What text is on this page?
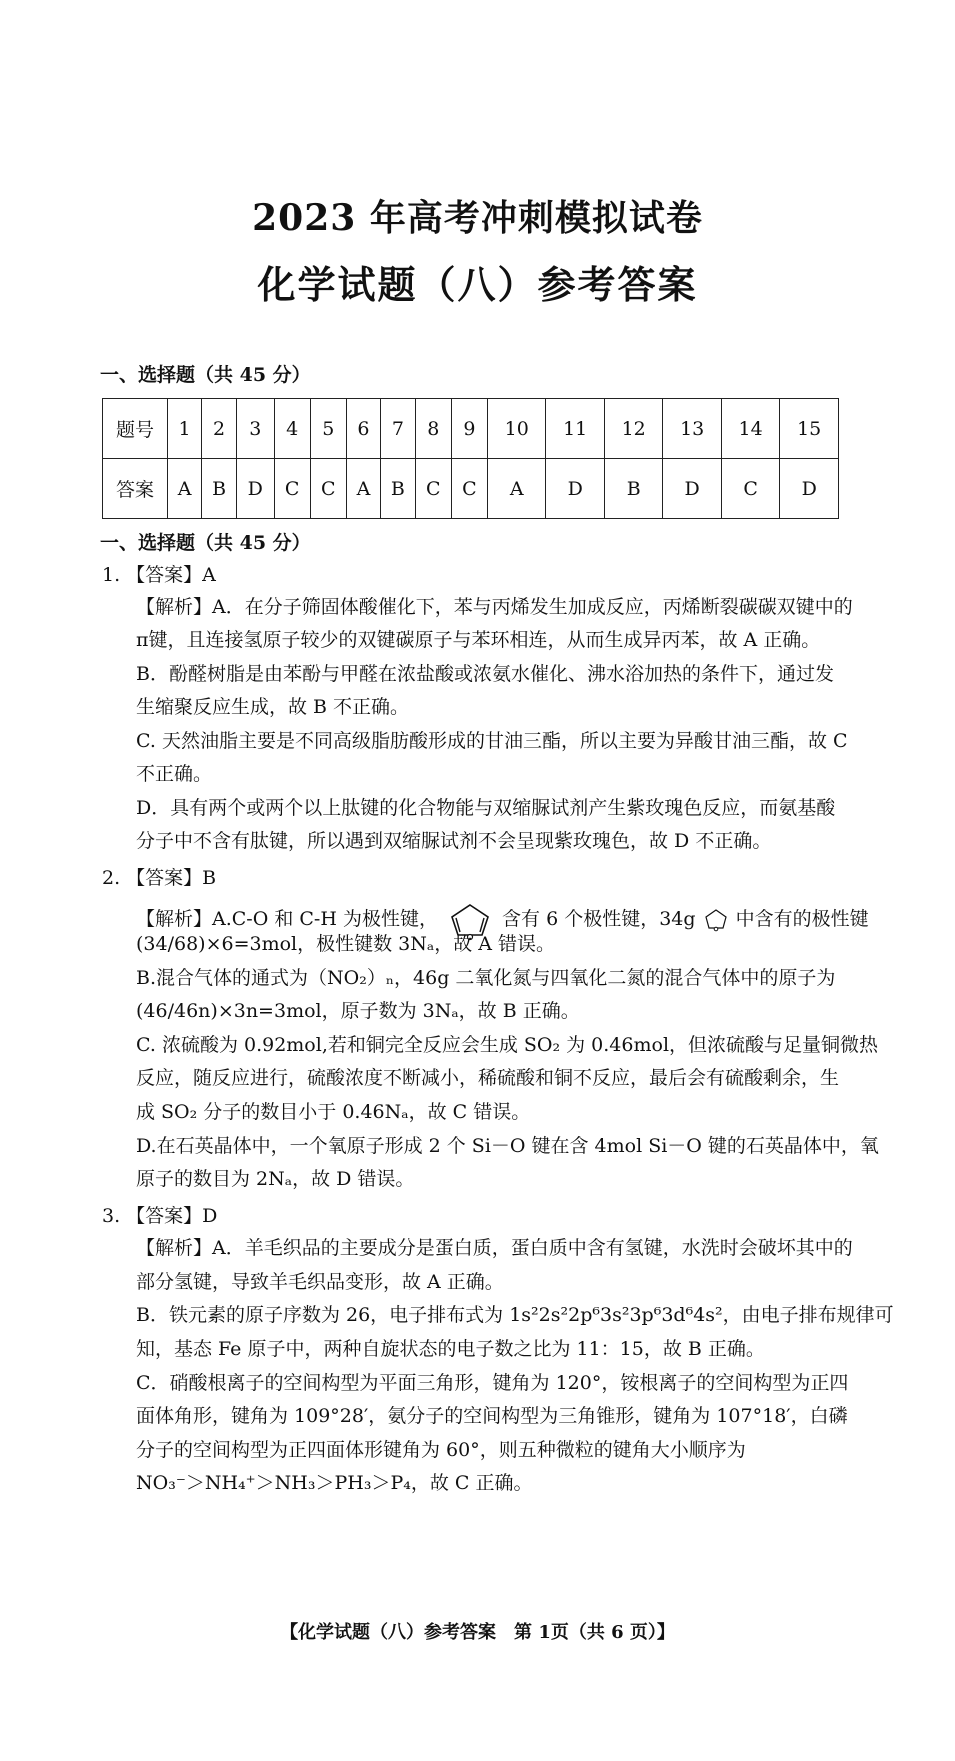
2023 年高考冲刺模拟试卷
化学试题（八）参考答案
一、选择题（共 45 分）
题号	1	2	3	4	5	6	7	8	9	10	11	12	13	14	15
答案	A	B	D	C	C	A	B	C	C	A	D	B	D	C	D
一、选择题（共 45 分）
1. 【答案】A
【解析】A．在分子筛固体酸催化下，苯与丙烯发生加成反应，丙烯断裂碳碳双键中的
π键，且连接氢原子较少的双键碳原子与苯环相连，从而生成异丙苯，故 A 正确。
B．酚醛树脂是由苯酚与甲醛在浓盐酸或浓氨水催化、沸水浴加热的条件下，通过发
生缩聚反应生成，故 B 不正确。
C. 天然油脂主要是不同高级脂肪酸形成的甘油三酯，所以主要为异酸甘油三酯，故 C
不正确。
D．具有两个或两个以上肽键的化合物能与双缩脲试剂产生紫玫瑰色反应，而氨基酸
分子中不含有肽键，所以遇到双缩脲试剂不会呈现紫玫瑰色，故 D 不正确。
2. 【答案】B
【解析】A.C-O 和 C-H 为极性键，	含有 6 个极性键，34g 中含有的极性键
(34/68)×6=3mol，极性键数 3Nₐ，故 A 错误。
B.混合气体的通式为（NO₂）ₙ，46g 二氧化氮与四氧化二氮的混合气体中的原子为
(46/46n)×3n=3mol，原子数为 3Nₐ，故 B 正确。
C. 浓硫酸为 0.92mol,若和铜完全反应会生成 SO₂ 为 0.46mol，但浓硫酸与足量铜微热
反应，随反应进行，硫酸浓度不断减小，稀硫酸和铜不反应，最后会有硫酸剩余，生
成 SO₂ 分子的数目小于 0.46Nₐ，故 C 错误。
D.在石英晶体中，一个氧原子形成 2 个 Si－O 键在含 4mol Si－O 键的石英晶体中，氧
原子的数目为 2Nₐ，故 D 错误。
3. 【答案】D
【解析】A．羊毛织品的主要成分是蛋白质，蛋白质中含有氢键，水洗时会破坏其中的
部分氢键，导致羊毛织品变形，故 A 正确。
B．铁元素的原子序数为 26，电子排布式为 1s²2s²2p⁶3s²3p⁶3d⁶4s²，由电子排布规律可
知，基态 Fe 原子中，两种自旋状态的电子数之比为 11：15，故 B 正确。
C．硝酸根离子的空间构型为平面三角形，键角为 120°，铵根离子的空间构型为正四
面体角形，键角为 109°28′，氨分子的空间构型为三角锥形，键角为 107°18′，白磷
分子的空间构型为正四面体形键角为 60°，则五种微粒的键角大小顺序为
NO₃⁻＞NH₄⁺＞NH₃＞PH₃＞P₄，故 C 正确。
【化学试题（八）参考答案　第 1页（共 6 页）】
